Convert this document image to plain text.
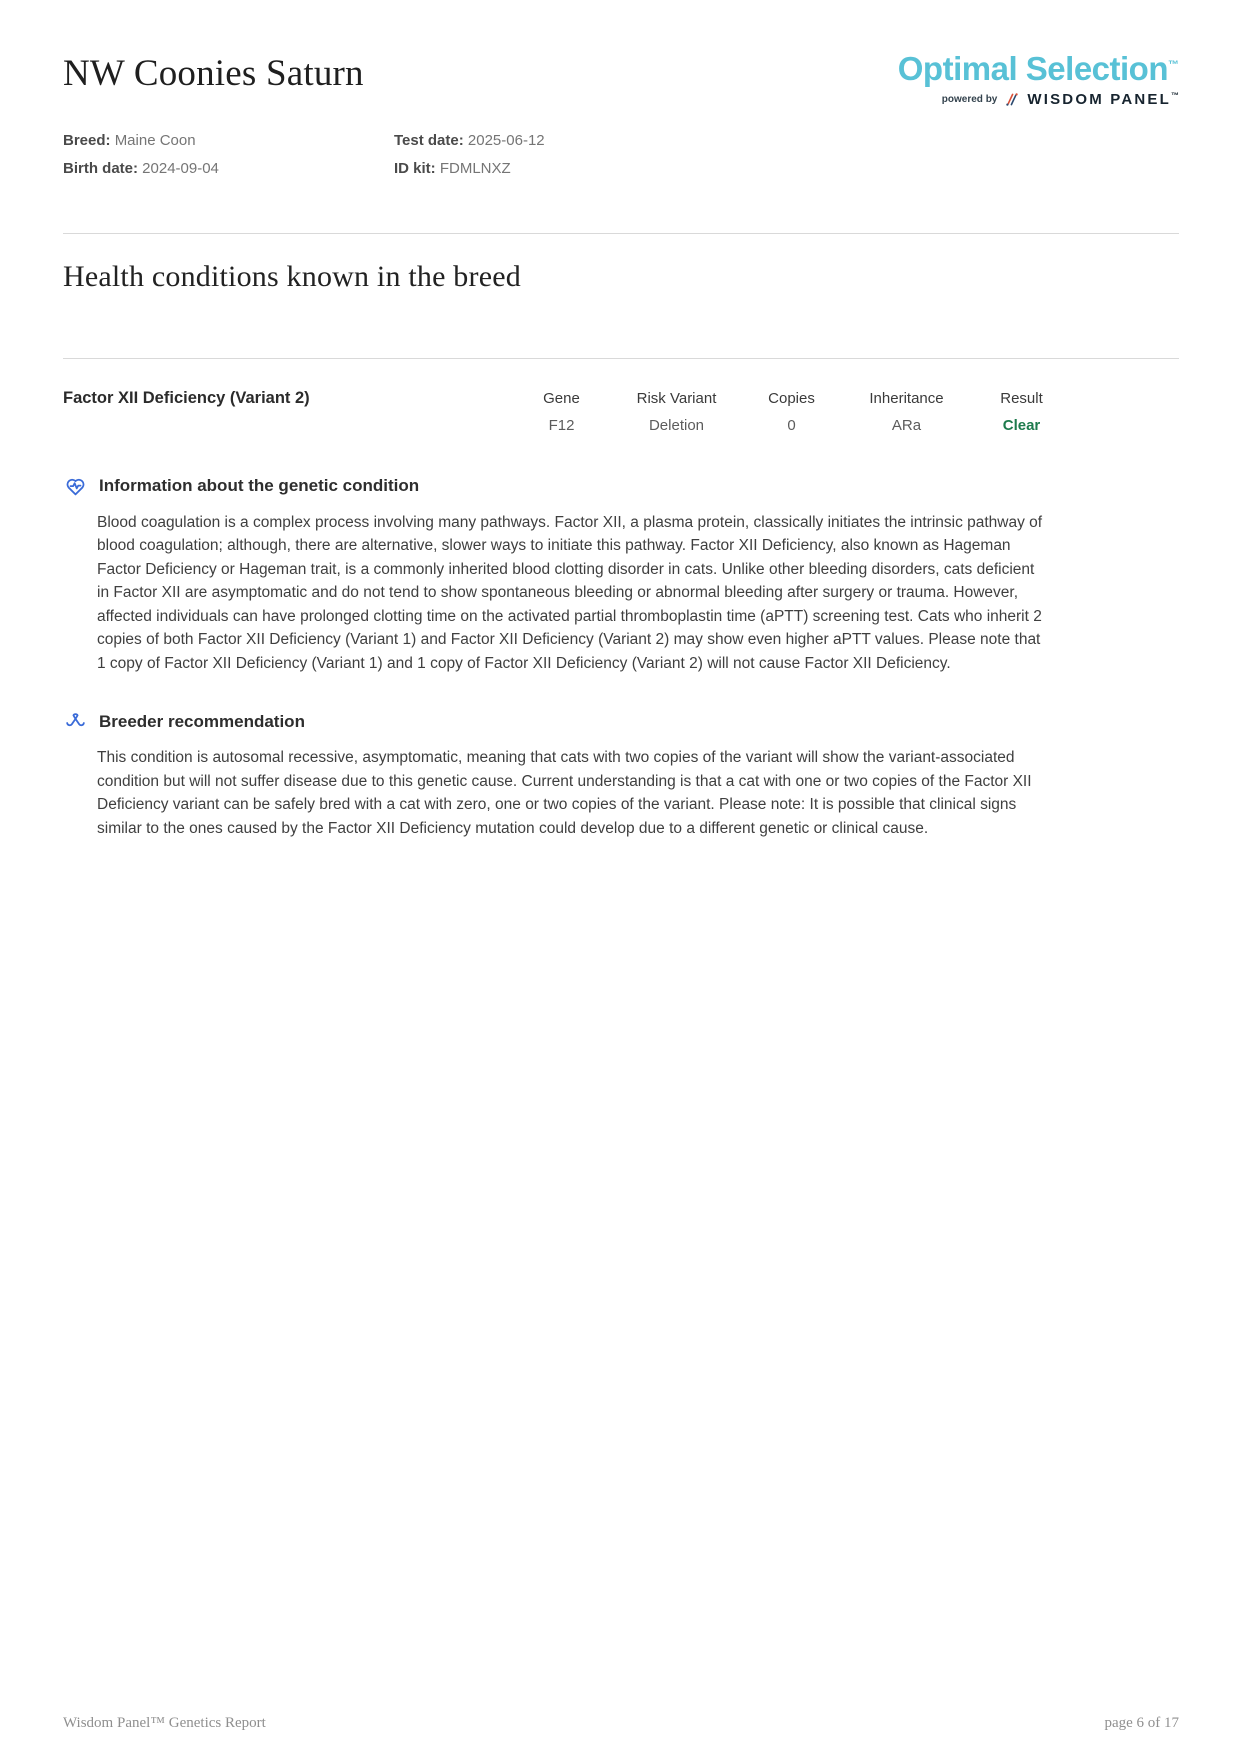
NW Coonies Saturn	Optimal Selection™
powered by WISDOM PANEL™
Breed: Maine Coon	Test date: 2025-06-12
Birth date: 2024-09-04	ID kit: FDMLNXZ
Health conditions known in the breed
Factor XII Deficiency (Variant 2)	Gene	Risk Variant	Copies	Inheritance	Result
F12	Deletion	0	ARa	Clear
Information about the genetic condition

Blood coagulation is a complex process involving many pathways. Factor XII, a plasma protein, classically initiates the intrinsic pathway of blood coagulation; although, there are alternative, slower ways to initiate this pathway. Factor XII Deficiency, also known as Hageman Factor Deficiency or Hageman trait, is a commonly inherited blood clotting disorder in cats. Unlike other bleeding disorders, cats deficient in Factor XII are asymptomatic and do not tend to show spontaneous bleeding or abnormal bleeding after surgery or trauma. However, affected individuals can have prolonged clotting time on the activated partial thromboplastin time (aPTT) screening test. Cats who inherit 2 copies of both Factor XII Deficiency (Variant 1) and Factor XII Deficiency (Variant 2) may show even higher aPTT values. Please note that 1 copy of Factor XII Deficiency (Variant 1) and 1 copy of Factor XII Deficiency (Variant 2) will not cause Factor XII Deficiency.

Breeder recommendation

This condition is autosomal recessive, asymptomatic, meaning that cats with two copies of the variant will show the variant-associated condition but will not suffer disease due to this genetic cause. Current understanding is that a cat with one or two copies of the Factor XII Deficiency variant can be safely bred with a cat with zero, one or two copies of the variant. Please note: It is possible that clinical signs similar to the ones caused by the Factor XII Deficiency mutation could develop due to a different genetic or clinical cause.

Wisdom Panel™ Genetics Report	page 6 of 17
